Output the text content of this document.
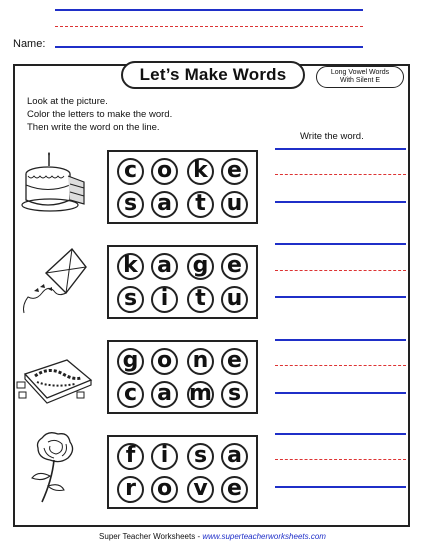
Name:
Let’s Make Words	Long Vowel Words
With Silent E
Look at the picture.
Color the letters to make the word.
Then write the word on the line.
Write the word.
c o k e
s a	t u
k a g e
s	i	t u
g o n e
c a m s
f	i	s a
r o v e
Super Teacher Worksheets - www.superteacherworksheets.com
